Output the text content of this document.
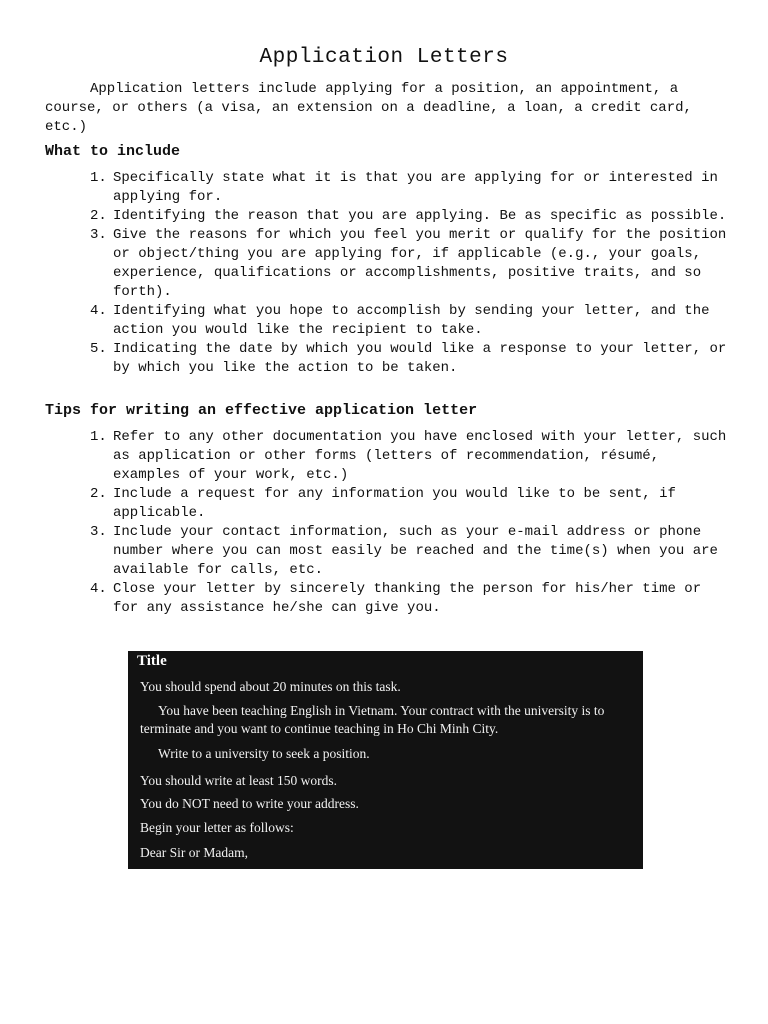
Application Letters

Application letters include applying for a position, an appointment, a course, or others (a visa, an extension on a deadline, a loan, a credit card, etc.)

What to include
1. Specifically state what it is that you are applying for or interested in applying for.
2. Identifying the reason that you are applying. Be as specific as possible.
3. Give the reasons for which you feel you merit or qualify for the position or object/thing you are applying for, if applicable (e.g., your goals, experience, qualifications or accomplishments, positive traits, and so forth).
4. Identifying what you hope to accomplish by sending your letter, and the action you would like the recipient to take.
5. Indicating the date by which you would like a response to your letter, or by which you like the action to be taken.
Tips for writing an effective application letter
1. Refer to any other documentation you have enclosed with your letter, such as application or other forms (letters of recommendation, résumé, examples of your work, etc.)
2. Include a request for any information you would like to be sent, if applicable.
3. Include your contact information, such as your e-mail address or phone number where you can most easily be reached and the time(s) when you are available for calls, etc.
4. Close your letter by sincerely thanking the person for his/her time or for any assistance he/she can give you.
Title
You should spend about 20 minutes on this task.
You have been teaching English in Vietnam. Your contract with the university is to terminate and you want to continue teaching in Ho Chi Minh City.
Write to a university to seek a position.
You should write at least 150 words.
You do NOT need to write your address.
Begin your letter as follows:
Dear Sir or Madam,
